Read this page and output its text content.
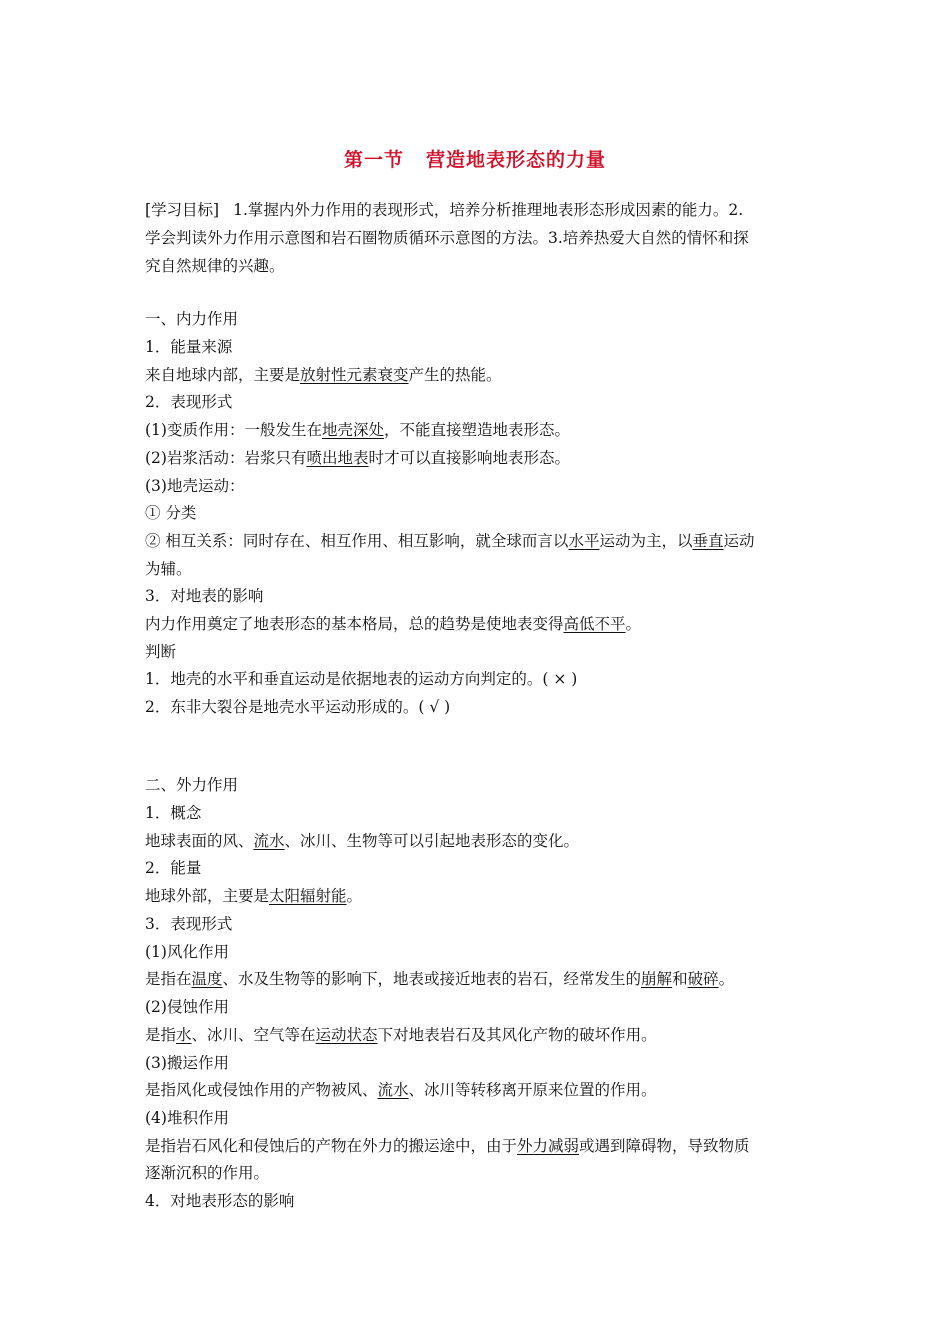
第一节 营造地表形态的力量
[学习目标] 1.掌握内外力作用的表现形式，培养分析推理地表形态形成因素的能力。2.
学会判读外力作用示意图和岩石圈物质循环示意图的方法。3.培养热爱大自然的情怀和探
究自然规律的兴趣。
一、内力作用
1．能量来源
来自地球内部，主要是放射性元素衰变产生的热能。
2．表现形式
(1)变质作用：一般发生在地壳深处，不能直接塑造地表形态。
(2)岩浆活动：岩浆只有喷出地表时才可以直接影响地表形态。
(3)地壳运动：
① 分类
② 相互关系：同时存在、相互作用、相互影响，就全球而言以水平运动为主，以垂直运动
为辅。
3．对地表的影响
内力作用奠定了地表形态的基本格局，总的趋势是使地表变得高低不平。
判断
1．地壳的水平和垂直运动是依据地表的运动方向判定的。( × )
2．东非大裂谷是地壳水平运动形成的。( √ )
二、外力作用
1．概念
地球表面的风、流水、冰川、生物等可以引起地表形态的变化。
2．能量
地球外部，主要是太阳辐射能。
3．表现形式
(1)风化作用
是指在温度、水及生物等的影响下，地表或接近地表的岩石，经常发生的崩解和破碎。
(2)侵蚀作用
是指水、冰川、空气等在运动状态下对地表岩石及其风化产物的破坏作用。
(3)搬运作用
是指风化或侵蚀作用的产物被风、流水、冰川等转移离开原来位置的作用。
(4)堆积作用
是指岩石风化和侵蚀后的产物在外力的搬运途中，由于外力减弱或遇到障碍物，导致物质
逐渐沉积的作用。
4．对地表形态的影响
